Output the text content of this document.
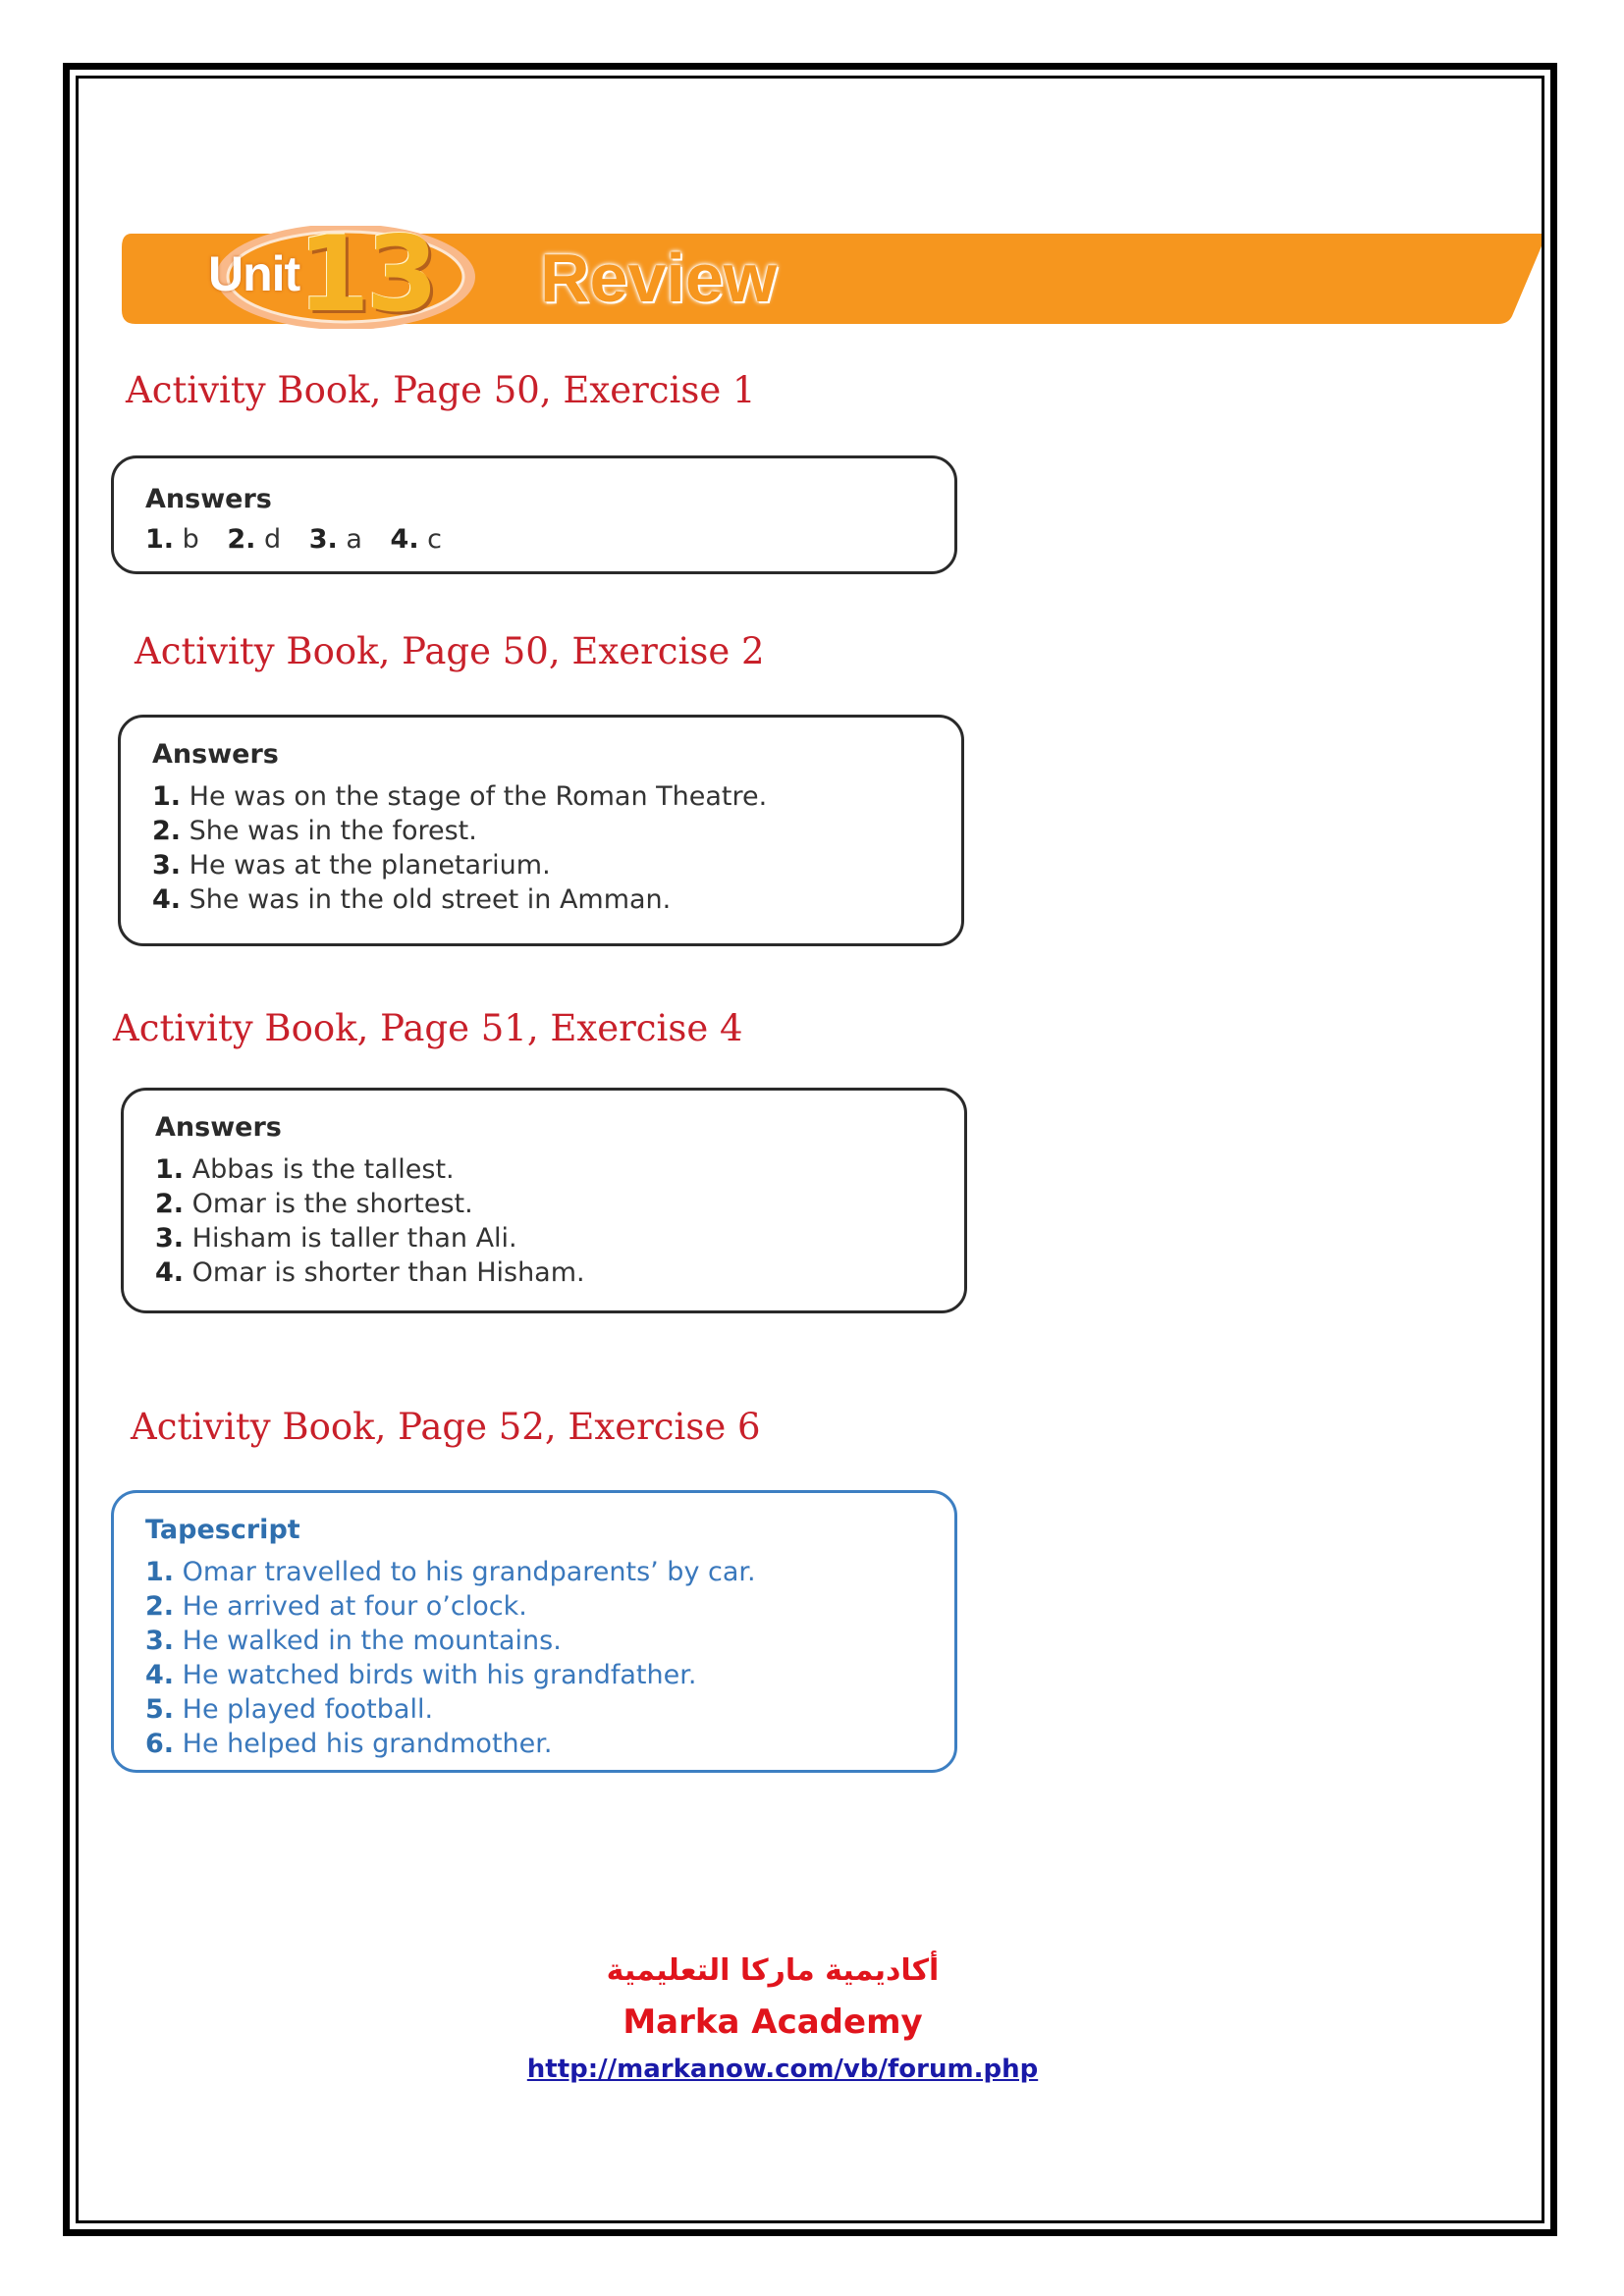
Unit
13 Review
Activity Book, Page 50, Exercise 1
Answers
1. b 2. d 3. a 4. c
Activity Book, Page 50, Exercise 2
Answers
1. He was on the stage of the Roman Theatre.
2. She was in the forest.
3. He was at the planetarium.
4. She was in the old street in Amman.
Activity Book, Page 51, Exercise 4
Answers
1. Abbas is the tallest.
2. Omar is the shortest.
3. Hisham is taller than Ali.
4. Omar is shorter than Hisham.
Activity Book, Page 52, Exercise 6
Tapescript
1. Omar travelled to his grandparents’ by car.
2. He arrived at four o’clock.
3. He walked in the mountains.
4. He watched birds with his grandfather.
5. He played football.
6. He helped his grandmother.
أكاديمية ماركا التعليمية
Marka Academy
http://markanow.com/vb/forum.php
